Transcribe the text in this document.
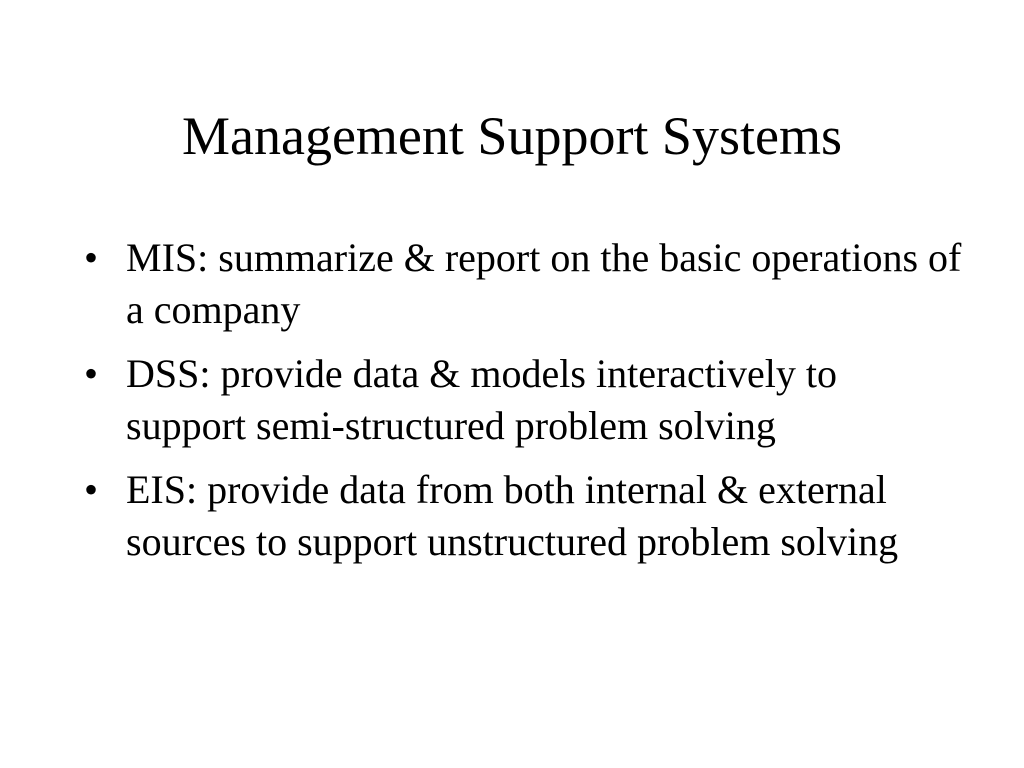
Management Support Systems
• MIS: summarize & report on the basic operations of a company
• DSS: provide data & models interactively to support semi-structured problem solving
• EIS: provide data from both internal & external sources to support unstructured problem solving
